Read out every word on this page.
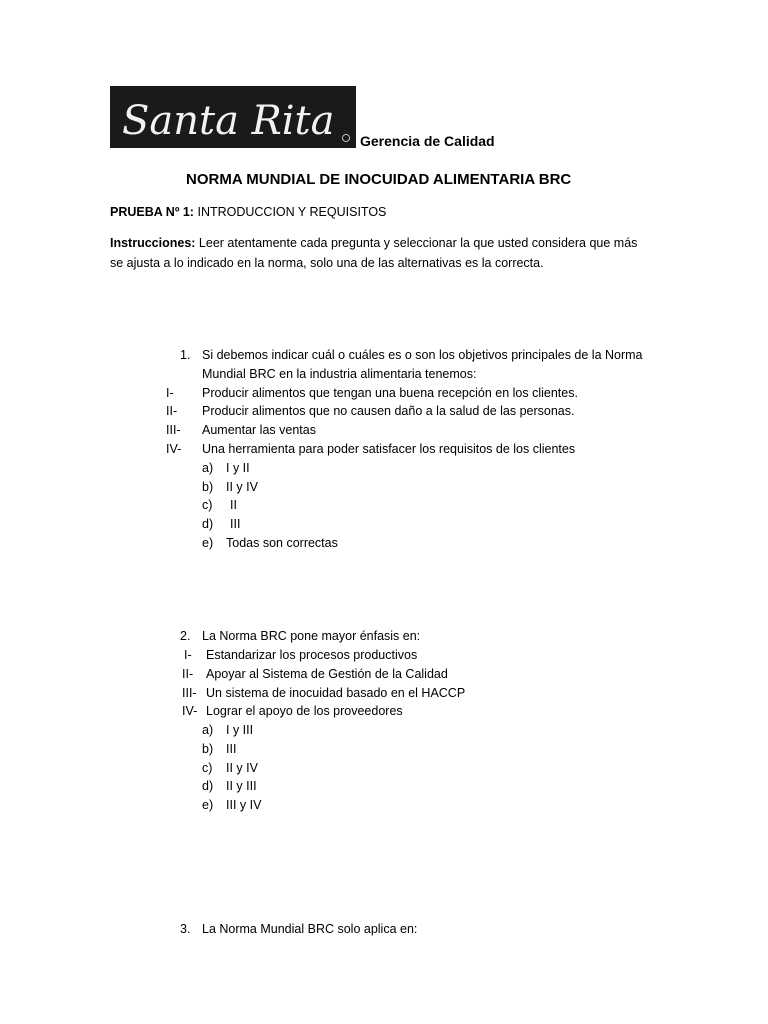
Santa Rita Gerencia de Calidad
NORMA MUNDIAL DE INOCUIDAD ALIMENTARIA BRC
PRUEBA Nº 1: INTRODUCCION Y REQUISITOS
Instrucciones: Leer atentamente cada pregunta y seleccionar la que usted considera que más
se ajusta a lo indicado en la norma, solo una de las alternativas es la correcta.
1. Si debemos indicar cuál o cuáles es o son los objetivos principales de la Norma
Mundial BRC en la industria alimentaria tenemos:
I- Producir alimentos que tengan una buena recepción en los clientes.
II- Producir alimentos que no causen daño a la salud de las personas.
III- Aumentar las ventas
IV- Una herramienta para poder satisfacer los requisitos de los clientes
a) I y II
b) II y IV
c) II
d) III
e) Todas son correctas
2. La Norma BRC pone mayor énfasis en:
I- Estandarizar los procesos productivos
II- Apoyar al Sistema de Gestión de la Calidad
III- Un sistema de inocuidad basado en el HACCP
IV- Lograr el apoyo de los proveedores
a) I y III
b) III
c) II y IV
d) II y III
e) III y IV
3. La Norma Mundial BRC solo aplica en:
